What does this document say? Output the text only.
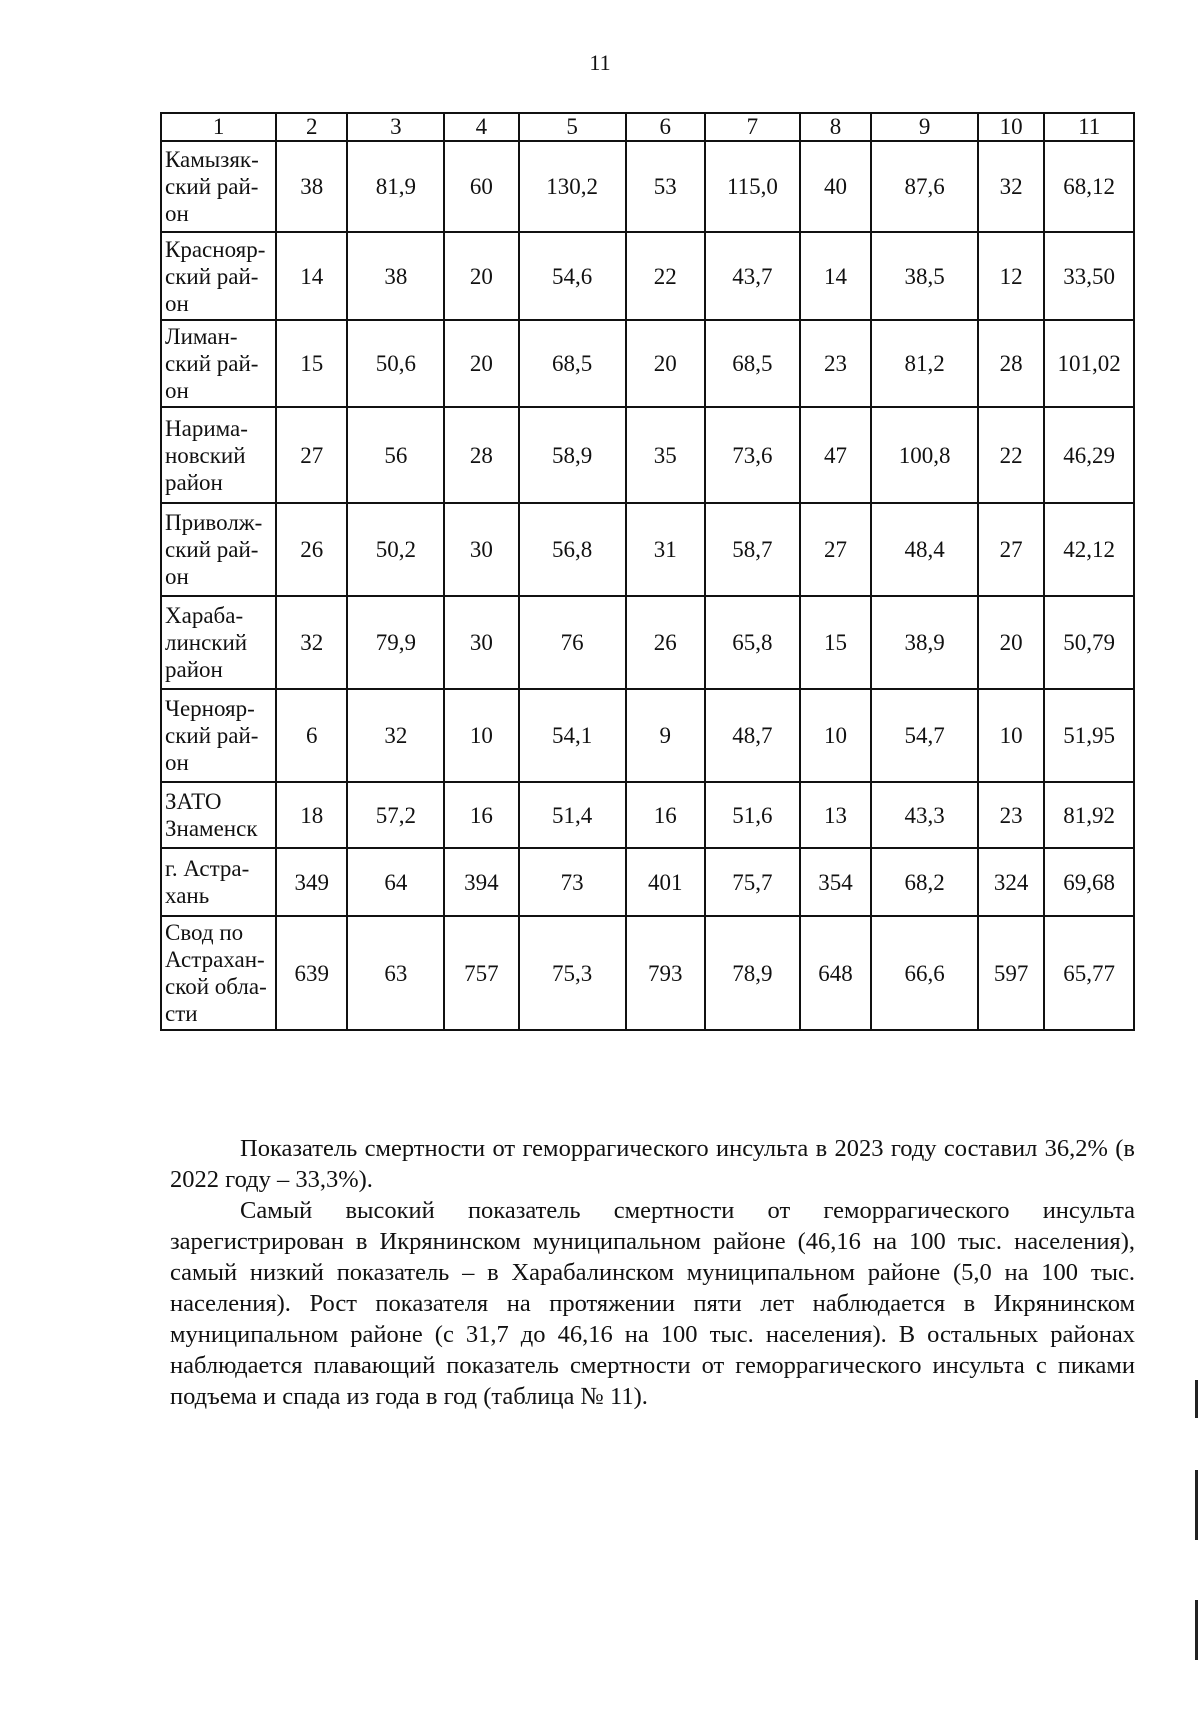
11
1	2	3	4	5	6	7	8	9	10	11

Камызяк-
ский рай-
он	38	81,9	60	130,2	53	115,0	40	87,6	32	68,12

Краснояр-
ский рай-
он	14	38	20	54,6	22	43,7	14	38,5	12	33,50

Лиман-
ский рай-
он	15	50,6	20	68,5	20	68,5	23	81,2	28	101,02

Нарима-
новский
район	27	56	28	58,9	35	73,6	47	100,8	22	46,29

Приволж-
ский рай-
он	26	50,2	30	56,8	31	58,7	27	48,4	27	42,12

Хараба-
линский
район	32	79,9	30	76	26	65,8	15	38,9	20	50,79

Чернояр-
ский рай-
он	6	32	10	54,1	9	48,7	10	54,7	10	51,95

ЗАТО
Знаменск	18	57,2	16	51,4	16	51,6	13	43,3	23	81,92

г. Астра-
хань	349	64	394	73	401	75,7	354	68,2	324	69,68

Свод по
Астрахан-
ской обла-
сти	639	63	757	75,3	793	78,9	648	66,6	597	65,77

Показатель смертности от геморрагического инсульта в 2023 году составил 36,2% (в 2022 году – 33,3%).

Самый высокий показатель смертности от геморрагического инсульта зарегистрирован в Икрянинском муниципальном районе (46,16 на 100 тыс. населения), самый низкий показатель – в Харабалинском муниципальном районе (5,0 на 100 тыс. населения). Рост показателя на протяжении пяти лет наблюдается в Икрянинском муниципальном районе (с 31,7 до 46,16 на 100 тыс. населения). В остальных районах наблюдается плавающий показатель смертности от геморрагического инсульта с пиками подъема и спада из года в год (таблица № 11).
